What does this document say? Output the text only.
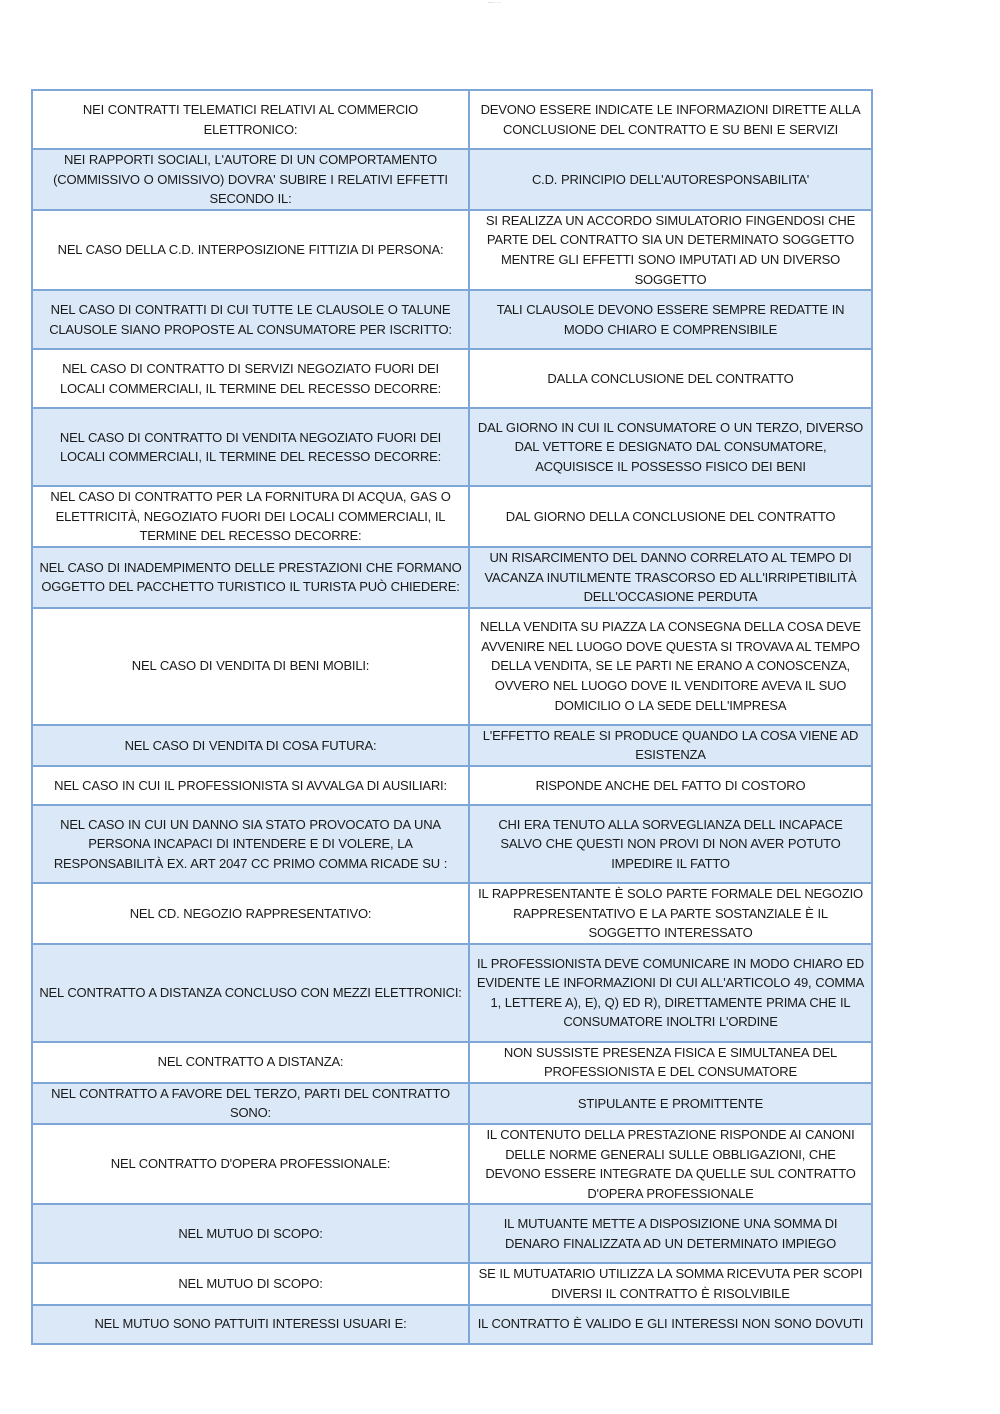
── ·····
NEI CONTRATTI TELEMATICI RELATIVI AL COMMERCIO ELETTRONICO:	DEVONO ESSERE INDICATE LE INFORMAZIONI DIRETTE ALLA CONCLUSIONE DEL CONTRATTO E SU BENI E SERVIZI
NEI RAPPORTI SOCIALI, L'AUTORE DI UN COMPORTAMENTO (COMMISSIVO O OMISSIVO) DOVRA' SUBIRE I RELATIVI EFFETTI SECONDO IL:	C.D. PRINCIPIO DELL'AUTORESPONSABILITA'
NEL CASO DELLA C.D. INTERPOSIZIONE FITTIZIA DI PERSONA:	SI REALIZZA UN ACCORDO SIMULATORIO FINGENDOSI CHE PARTE DEL CONTRATTO SIA UN DETERMINATO SOGGETTO MENTRE GLI EFFETTI SONO IMPUTATI AD UN DIVERSO SOGGETTO
NEL CASO DI CONTRATTI DI CUI TUTTE LE CLAUSOLE O TALUNE CLAUSOLE SIANO PROPOSTE AL CONSUMATORE PER ISCRITTO:	TALI CLAUSOLE DEVONO ESSERE SEMPRE REDATTE IN MODO CHIARO E COMPRENSIBILE
NEL CASO DI CONTRATTO DI SERVIZI NEGOZIATO FUORI DEI LOCALI COMMERCIALI, IL TERMINE DEL RECESSO DECORRE:	DALLA CONCLUSIONE DEL CONTRATTO
NEL CASO DI CONTRATTO DI VENDITA NEGOZIATO FUORI DEI LOCALI COMMERCIALI, IL TERMINE DEL RECESSO DECORRE:	DAL GIORNO IN CUI IL CONSUMATORE O UN TERZO, DIVERSO DAL VETTORE E DESIGNATO DAL CONSUMATORE, ACQUISISCE IL POSSESSO FISICO DEI BENI
NEL CASO DI CONTRATTO PER LA FORNITURA DI ACQUA, GAS O ELETTRICITÀ, NEGOZIATO FUORI DEI LOCALI COMMERCIALI, IL TERMINE DEL RECESSO DECORRE:	DAL GIORNO DELLA CONCLUSIONE DEL CONTRATTO
NEL CASO DI INADEMPIMENTO DELLE PRESTAZIONI CHE FORMANO OGGETTO DEL PACCHETTO TURISTICO IL TURISTA PUÒ CHIEDERE:	UN RISARCIMENTO DEL DANNO CORRELATO AL TEMPO DI VACANZA INUTILMENTE TRASCORSO ED ALL'IRRIPETIBILITÀ DELL'OCCASIONE PERDUTA
NEL CASO DI VENDITA DI BENI MOBILI:	NELLA VENDITA SU PIAZZA LA CONSEGNA DELLA COSA DEVE AVVENIRE NEL LUOGO DOVE QUESTA SI TROVAVA AL TEMPO DELLA VENDITA, SE LE PARTI NE ERANO A CONOSCENZA, OVVERO NEL LUOGO DOVE IL VENDITORE AVEVA IL SUO DOMICILIO O LA SEDE DELL'IMPRESA
NEL CASO DI VENDITA DI COSA FUTURA:	L'EFFETTO REALE SI PRODUCE QUANDO LA COSA VIENE AD ESISTENZA
NEL CASO IN CUI IL PROFESSIONISTA SI AVVALGA DI AUSILIARI:	RISPONDE ANCHE DEL FATTO DI COSTORO
NEL CASO IN CUI UN DANNO SIA STATO PROVOCATO DA UNA PERSONA INCAPACI DI INTENDERE E DI VOLERE, LA RESPONSABILITÀ EX. ART 2047 CC PRIMO COMMA RICADE SU :	CHI ERA TENUTO ALLA SORVEGLIANZA DELL INCAPACE SALVO CHE QUESTI NON PROVI DI NON AVER POTUTO IMPEDIRE IL FATTO
NEL CD. NEGOZIO RAPPRESENTATIVO:	IL RAPPRESENTANTE È SOLO PARTE FORMALE DEL NEGOZIO RAPPRESENTATIVO E LA PARTE SOSTANZIALE È IL SOGGETTO INTERESSATO
NEL CONTRATTO A DISTANZA CONCLUSO CON MEZZI ELETTRONICI:	IL PROFESSIONISTA DEVE COMUNICARE IN MODO CHIARO ED EVIDENTE LE INFORMAZIONI DI CUI ALL'ARTICOLO 49, COMMA 1, LETTERE A), E), Q) ED R), DIRETTAMENTE PRIMA CHE IL CONSUMATORE INOLTRI L'ORDINE
NEL CONTRATTO A DISTANZA:	NON SUSSISTE PRESENZA FISICA E SIMULTANEA DEL PROFESSIONISTA E DEL CONSUMATORE
NEL CONTRATTO A FAVORE DEL TERZO, PARTI DEL CONTRATTO SONO:	STIPULANTE E PROMITTENTE
NEL CONTRATTO D'OPERA PROFESSIONALE:	IL CONTENUTO DELLA PRESTAZIONE RISPONDE AI CANONI DELLE NORME GENERALI SULLE OBBLIGAZIONI, CHE DEVONO ESSERE INTEGRATE DA QUELLE SUL CONTRATTO D'OPERA PROFESSIONALE
NEL MUTUO DI SCOPO:	IL MUTUANTE METTE A DISPOSIZIONE UNA SOMMA DI DENARO FINALIZZATA AD UN DETERMINATO IMPIEGO
NEL MUTUO DI SCOPO:	SE IL MUTUATARIO UTILIZZA LA SOMMA RICEVUTA PER SCOPI DIVERSI IL CONTRATTO È RISOLVIBILE
NEL MUTUO SONO PATTUITI INTERESSI USUARI E:	IL CONTRATTO È VALIDO E GLI INTERESSI NON SONO DOVUTI
